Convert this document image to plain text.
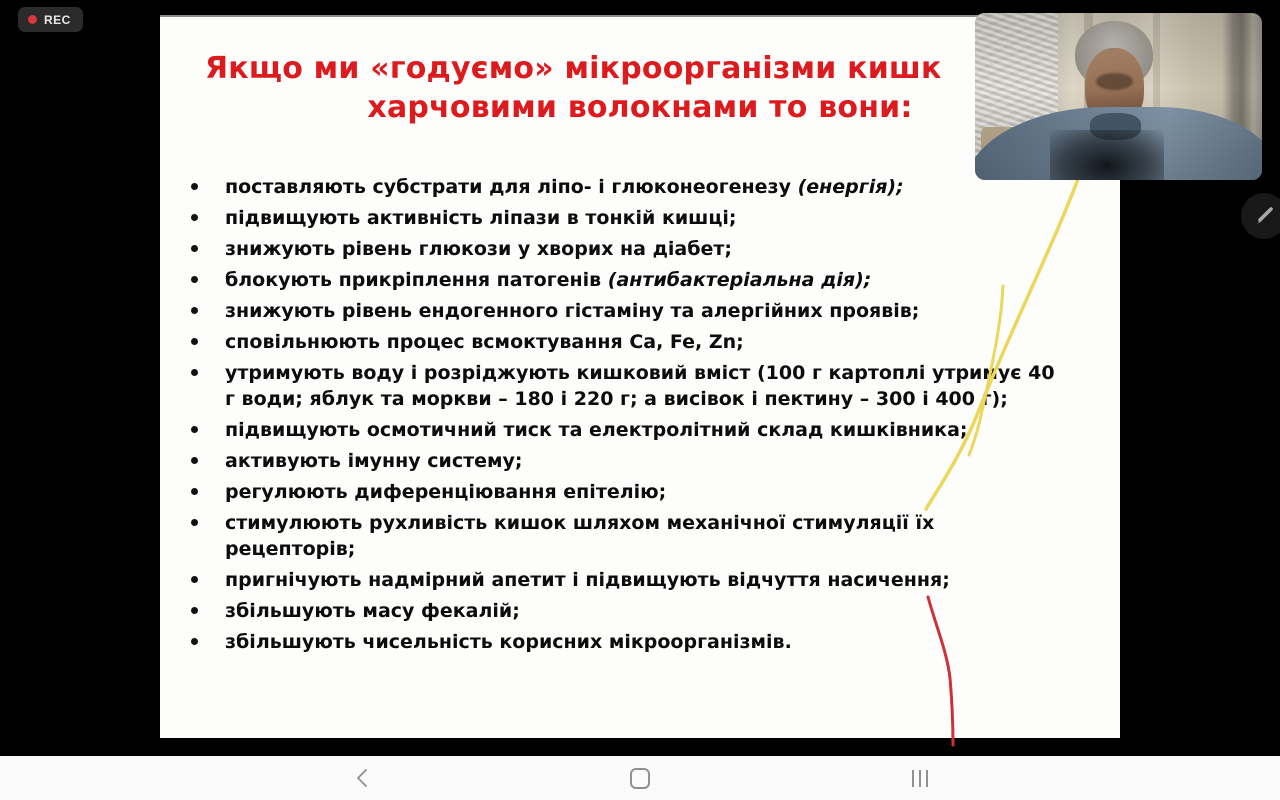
REC
Якщо ми «годуємо» мікроорганізми кишк
харчовими волокнами то вони:
поставляють субстрати для ліпо- і глюконеогенезу (енергія);
підвищують активність ліпази в тонкій кишці;
знижують рівень глюкози у хворих на діабет;
блокують прикріплення патогенів (антибактеріальна дія);
знижують рівень ендогенного гістаміну та алергійних проявів;
сповільнюють процес всмоктування Ca, Fe, Zn;
утримують воду і розріджують кишковий вміст (100 г картоплі утримує 40 г води; яблук та моркви – 180 і 220 г; а висівок і пектину – 300 і 400 г);
підвищують осмотичний тиск та електролітний склад кишківника;
активують імунну систему;
регулюють диференціювання епітелію;
стимулюють рухливість кишок шляхом механічної стимуляції їх рецепторів;
пригнічують надмірний апетит і підвищують відчуття насичення;
збільшують масу фекалій;
збільшують чисельність корисних мікроорганізмів.
